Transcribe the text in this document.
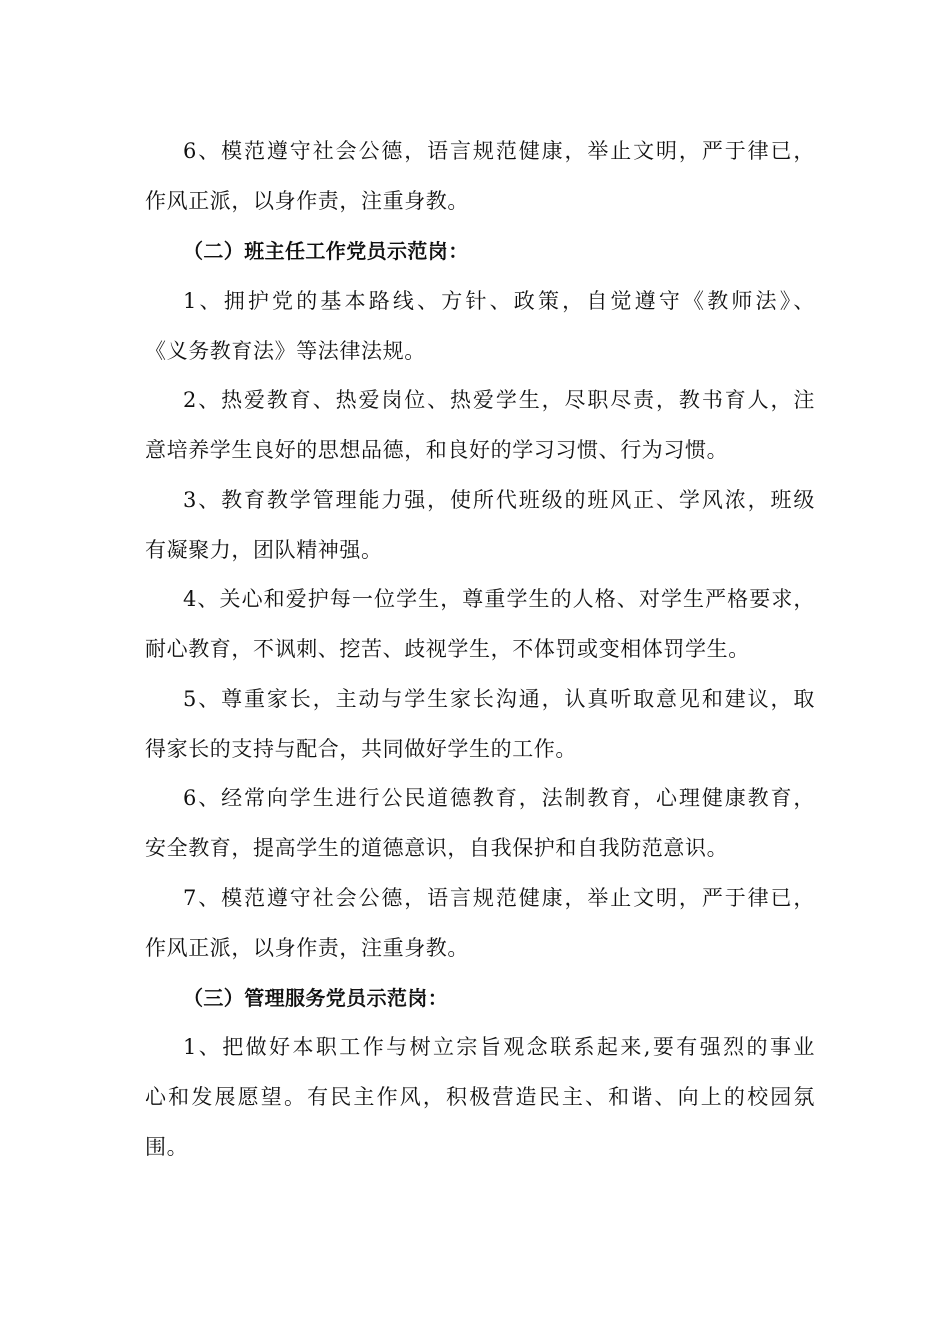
6、模范遵守社会公德，语言规范健康，举止文明，严于律已，
作风正派，以身作责，注重身教。
（二）班主任工作党员示范岗：
1、拥护党的基本路线、方针、政策，自觉遵守《教师法》、
《义务教育法》等法律法规。
2、热爱教育、热爱岗位、热爱学生，尽职尽责，教书育人，注
意培养学生良好的思想品德，和良好的学习习惯、行为习惯。
3、教育教学管理能力强，使所代班级的班风正、学风浓，班级
有凝聚力，团队精神强。
4、关心和爱护每一位学生，尊重学生的人格、对学生严格要求，
耐心教育，不讽刺、挖苦、歧视学生，不体罚或变相体罚学生。
5、尊重家长，主动与学生家长沟通，认真听取意见和建议，取
得家长的支持与配合，共同做好学生的工作。
6、经常向学生进行公民道德教育，法制教育，心理健康教育，
安全教育，提高学生的道德意识，自我保护和自我防范意识。
7、模范遵守社会公德，语言规范健康，举止文明，严于律已，
作风正派，以身作责，注重身教。
（三）管理服务党员示范岗：
1、把做好本职工作与树立宗旨观念联系起来,要有强烈的事业
心和发展愿望。有民主作风，积极营造民主、和谐、向上的校园氛
围。
